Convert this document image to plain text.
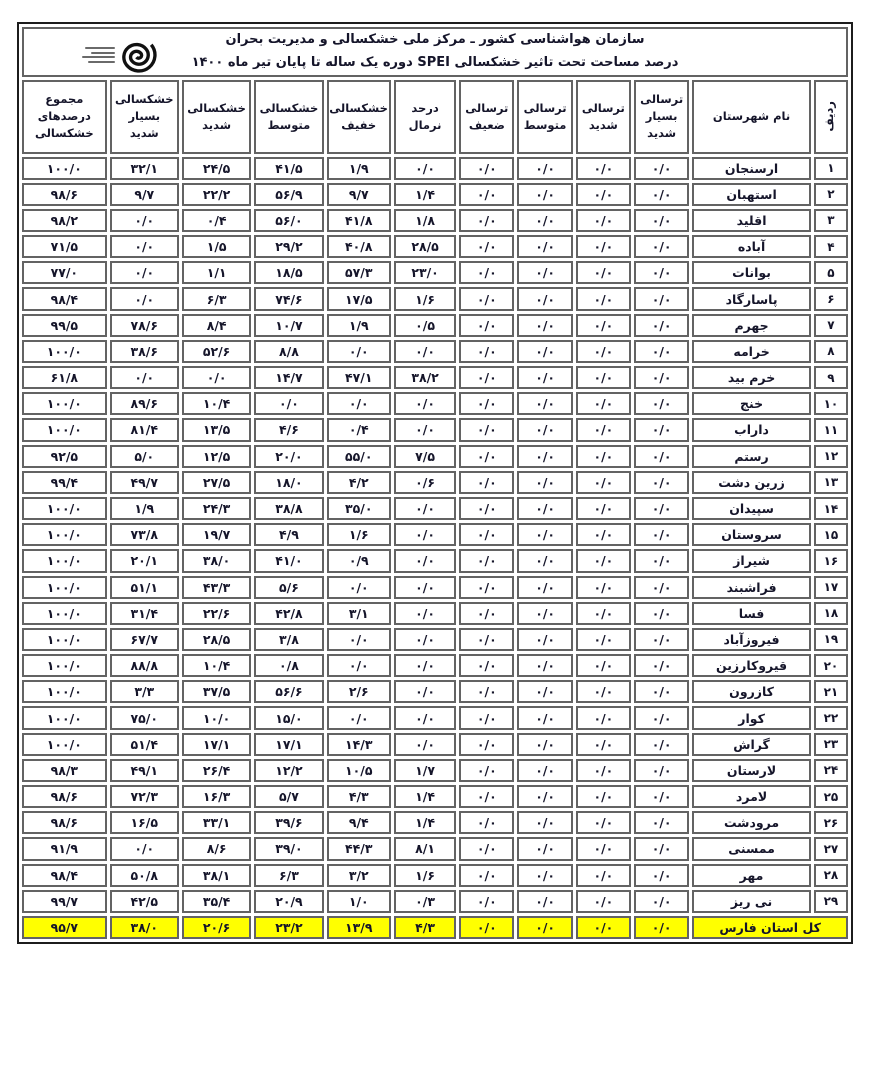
سازمان هواشناسی کشور ـ مرکز ملی خشکسالی و مدیریت بحران
درصد مساحت تحت تاثیر خشکسالی SPEI دوره یک ساله تا پایان تیر ماه ۱۴۰۰											

ردیف	نام شهرستان	ترسالی بسیار شدید	ترسالی شدید	ترسالی متوسط	ترسالی ضعیف	درحد نرمال	خشکسالی خفیف	خشکسالی متوسط	خشکسالی شدید	خشکسالی بسیار شدید	مجموع درصدهای خشکسالی
۱	ارسنجان	۰/۰	۰/۰	۰/۰	۰/۰	۰/۰	۱/۹	۴۱/۵	۲۴/۵	۳۲/۱	۱۰۰/۰
۲	استهبان	۰/۰	۰/۰	۰/۰	۰/۰	۱/۴	۹/۷	۵۶/۹	۲۲/۲	۹/۷	۹۸/۶
۳	اقلید	۰/۰	۰/۰	۰/۰	۰/۰	۱/۸	۴۱/۸	۵۶/۰	۰/۴	۰/۰	۹۸/۲
۴	آباده	۰/۰	۰/۰	۰/۰	۰/۰	۲۸/۵	۴۰/۸	۲۹/۲	۱/۵	۰/۰	۷۱/۵
۵	بوانات	۰/۰	۰/۰	۰/۰	۰/۰	۲۳/۰	۵۷/۳	۱۸/۵	۱/۱	۰/۰	۷۷/۰
۶	پاسارگاد	۰/۰	۰/۰	۰/۰	۰/۰	۱/۶	۱۷/۵	۷۴/۶	۶/۳	۰/۰	۹۸/۴
۷	جهرم	۰/۰	۰/۰	۰/۰	۰/۰	۰/۵	۱/۹	۱۰/۷	۸/۴	۷۸/۶	۹۹/۵
۸	خرامه	۰/۰	۰/۰	۰/۰	۰/۰	۰/۰	۰/۰	۸/۸	۵۲/۶	۳۸/۶	۱۰۰/۰
۹	خرم بید	۰/۰	۰/۰	۰/۰	۰/۰	۳۸/۲	۴۷/۱	۱۴/۷	۰/۰	۰/۰	۶۱/۸
۱۰	خنج	۰/۰	۰/۰	۰/۰	۰/۰	۰/۰	۰/۰	۰/۰	۱۰/۴	۸۹/۶	۱۰۰/۰
۱۱	داراب	۰/۰	۰/۰	۰/۰	۰/۰	۰/۰	۰/۴	۴/۶	۱۳/۵	۸۱/۴	۱۰۰/۰
۱۲	رستم	۰/۰	۰/۰	۰/۰	۰/۰	۷/۵	۵۵/۰	۲۰/۰	۱۲/۵	۵/۰	۹۲/۵
۱۳	زرین دشت	۰/۰	۰/۰	۰/۰	۰/۰	۰/۶	۴/۲	۱۸/۰	۲۷/۵	۴۹/۷	۹۹/۴
۱۴	سپیدان	۰/۰	۰/۰	۰/۰	۰/۰	۰/۰	۳۵/۰	۳۸/۸	۲۴/۳	۱/۹	۱۰۰/۰
۱۵	سروستان	۰/۰	۰/۰	۰/۰	۰/۰	۰/۰	۱/۶	۴/۹	۱۹/۷	۷۳/۸	۱۰۰/۰
۱۶	شیراز	۰/۰	۰/۰	۰/۰	۰/۰	۰/۰	۰/۹	۴۱/۰	۳۸/۰	۲۰/۱	۱۰۰/۰
۱۷	فراشبند	۰/۰	۰/۰	۰/۰	۰/۰	۰/۰	۰/۰	۵/۶	۴۳/۳	۵۱/۱	۱۰۰/۰
۱۸	فسا	۰/۰	۰/۰	۰/۰	۰/۰	۰/۰	۳/۱	۴۲/۸	۲۲/۶	۳۱/۴	۱۰۰/۰
۱۹	فیروزآباد	۰/۰	۰/۰	۰/۰	۰/۰	۰/۰	۰/۰	۳/۸	۲۸/۵	۶۷/۷	۱۰۰/۰
۲۰	قیروکارزین	۰/۰	۰/۰	۰/۰	۰/۰	۰/۰	۰/۰	۰/۸	۱۰/۴	۸۸/۸	۱۰۰/۰
۲۱	کازرون	۰/۰	۰/۰	۰/۰	۰/۰	۰/۰	۲/۶	۵۶/۶	۳۷/۵	۳/۳	۱۰۰/۰
۲۲	کوار	۰/۰	۰/۰	۰/۰	۰/۰	۰/۰	۰/۰	۱۵/۰	۱۰/۰	۷۵/۰	۱۰۰/۰
۲۳	گراش	۰/۰	۰/۰	۰/۰	۰/۰	۰/۰	۱۴/۳	۱۷/۱	۱۷/۱	۵۱/۴	۱۰۰/۰
۲۴	لارستان	۰/۰	۰/۰	۰/۰	۰/۰	۱/۷	۱۰/۵	۱۲/۲	۲۶/۴	۴۹/۱	۹۸/۳
۲۵	لامرد	۰/۰	۰/۰	۰/۰	۰/۰	۱/۴	۴/۳	۵/۷	۱۶/۳	۷۲/۳	۹۸/۶
۲۶	مرودشت	۰/۰	۰/۰	۰/۰	۰/۰	۱/۴	۹/۴	۳۹/۶	۳۳/۱	۱۶/۵	۹۸/۶
۲۷	ممسنی	۰/۰	۰/۰	۰/۰	۰/۰	۸/۱	۴۴/۳	۳۹/۰	۸/۶	۰/۰	۹۱/۹
۲۸	مهر	۰/۰	۰/۰	۰/۰	۰/۰	۱/۶	۳/۲	۶/۳	۳۸/۱	۵۰/۸	۹۸/۴
۲۹	نی ریز	۰/۰	۰/۰	۰/۰	۰/۰	۰/۳	۱/۰	۲۰/۹	۳۵/۴	۴۲/۵	۹۹/۷
کل استان فارس		۰/۰	۰/۰	۰/۰	۰/۰	۴/۳	۱۳/۹	۲۳/۲	۲۰/۶	۳۸/۰	۹۵/۷
